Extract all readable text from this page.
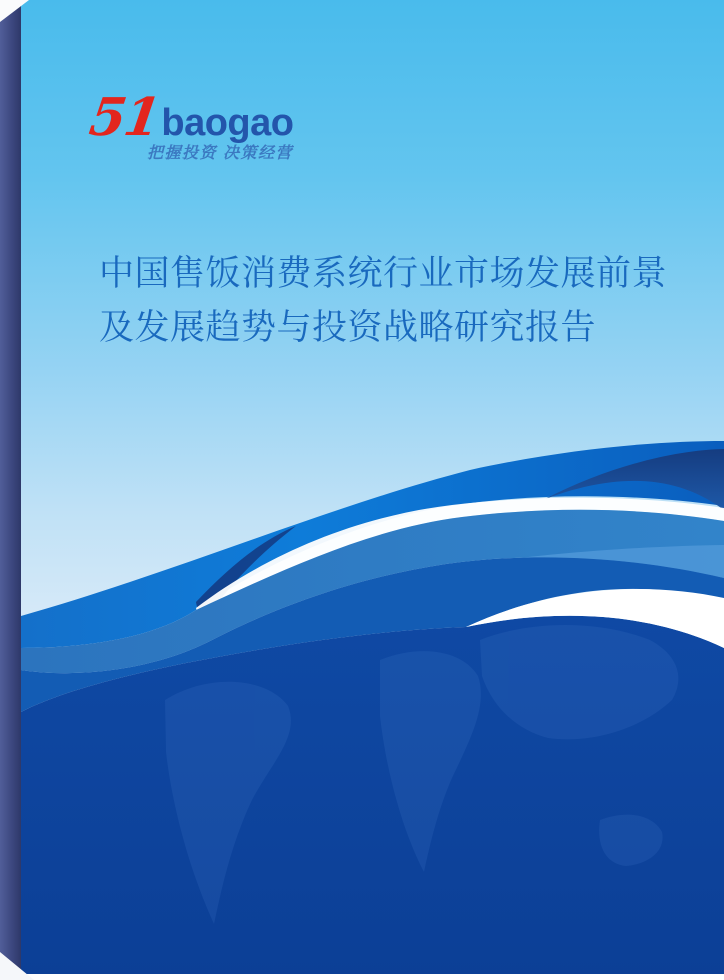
51
baogao
把握投资 决策经营
中国售饭消费系统行业市场发展前景
及发展趋势与投资战略研究报告
